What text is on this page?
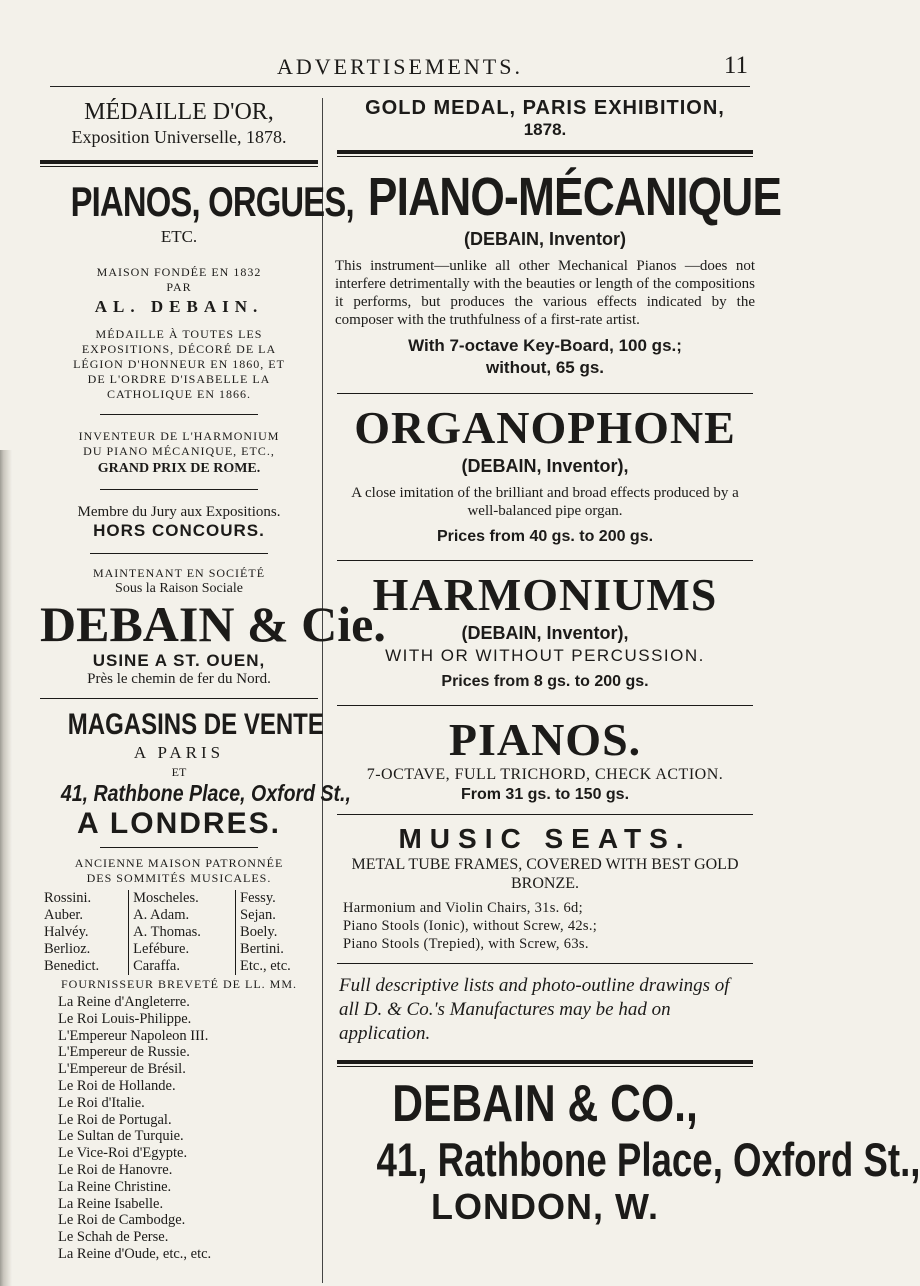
ADVERTISEMENTS.	11
MÉDAILLE D'OR,
Exposition Universelle, 1878.
PIANOS, ORGUES,
ETC.
MAISON FONDÉE EN 1832
PAR
AL. DEBAIN.
MÉDAILLE À TOUTES LES
EXPOSITIONS, DÉCORÉ DE LA
LÉGION D'HONNEUR EN 1860, ET
DE L'ORDRE D'ISABELLE LA
CATHOLIQUE EN 1866.
INVENTEUR DE L'HARMONIUM
DU PIANO MÉCANIQUE, ETC.,
GRAND PRIX DE ROME.
Membre du Jury aux Expositions.
HORS CONCOURS.
MAINTENANT EN SOCIÉTÉ
Sous la Raison Sociale
DEBAIN & Cie.
USINE A ST. OUEN,
Près le chemin de fer du Nord.
MAGASINS DE VENTE
A PARIS
ET
41, Rathbone Place, Oxford St.,
A LONDRES.
ANCIENNE MAISON PATRONNÉE
DES SOMMITÉS MUSICALES.
Rossini.	Moscheles.	Fessy.
Auber.	A. Adam.	Sejan.
Halvéy.	A. Thomas.	Boely.
Berlioz.	Lefébure.	Bertini.
Benedict.	Caraffa.	Etc., etc.
FOURNISSEUR BREVETÉ DE LL. MM.
La Reine d'Angleterre.
Le Roi Louis-Philippe.
L'Empereur Napoleon III.
L'Empereur de Russie.
L'Empereur de Brésil.
Le Roi de Hollande.
Le Roi d'Italie.
Le Roi de Portugal.
Le Sultan de Turquie.
Le Vice-Roi d'Egypte.
Le Roi de Hanovre.
La Reine Christine.
La Reine Isabelle.
Le Roi de Cambodge.
Le Schah de Perse.
La Reine d'Oude, etc., etc.
GOLD MEDAL, PARIS EXHIBITION,
1878.
PIANO-MÉCANIQUE
(DEBAIN, Inventor)
This instrument—unlike all other Mechanical Pianos —does not interfere detrimentally with the beauties or length of the compositions it performs, but produces the various effects indicated by the composer with the truthfulness of a first-rate artist.
With 7-octave Key-Board, 100 gs.;
without, 65 gs.
ORGANOPHONE
(DEBAIN, Inventor),
A close imitation of the brilliant and broad effects produced by a well-balanced pipe organ.
Prices from 40 gs. to 200 gs.
HARMONIUMS
(DEBAIN, Inventor),
WITH OR WITHOUT PERCUSSION.
Prices from 8 gs. to 200 gs.
PIANOS.
7-OCTAVE, FULL TRICHORD, CHECK ACTION.
From 31 gs. to 150 gs.
MUSIC SEATS.
METAL TUBE FRAMES, COVERED WITH BEST GOLD BRONZE.
Harmonium and Violin Chairs, 31s. 6d;
Piano Stools (Ionic), without Screw, 42s.;
Piano Stools (Trepied), with Screw, 63s.
Full descriptive lists and photo-outline drawings of all D. & Co.'s Manufactures may be had on application.
DEBAIN & CO.,
41, Rathbone Place, Oxford St.,
LONDON, W.
